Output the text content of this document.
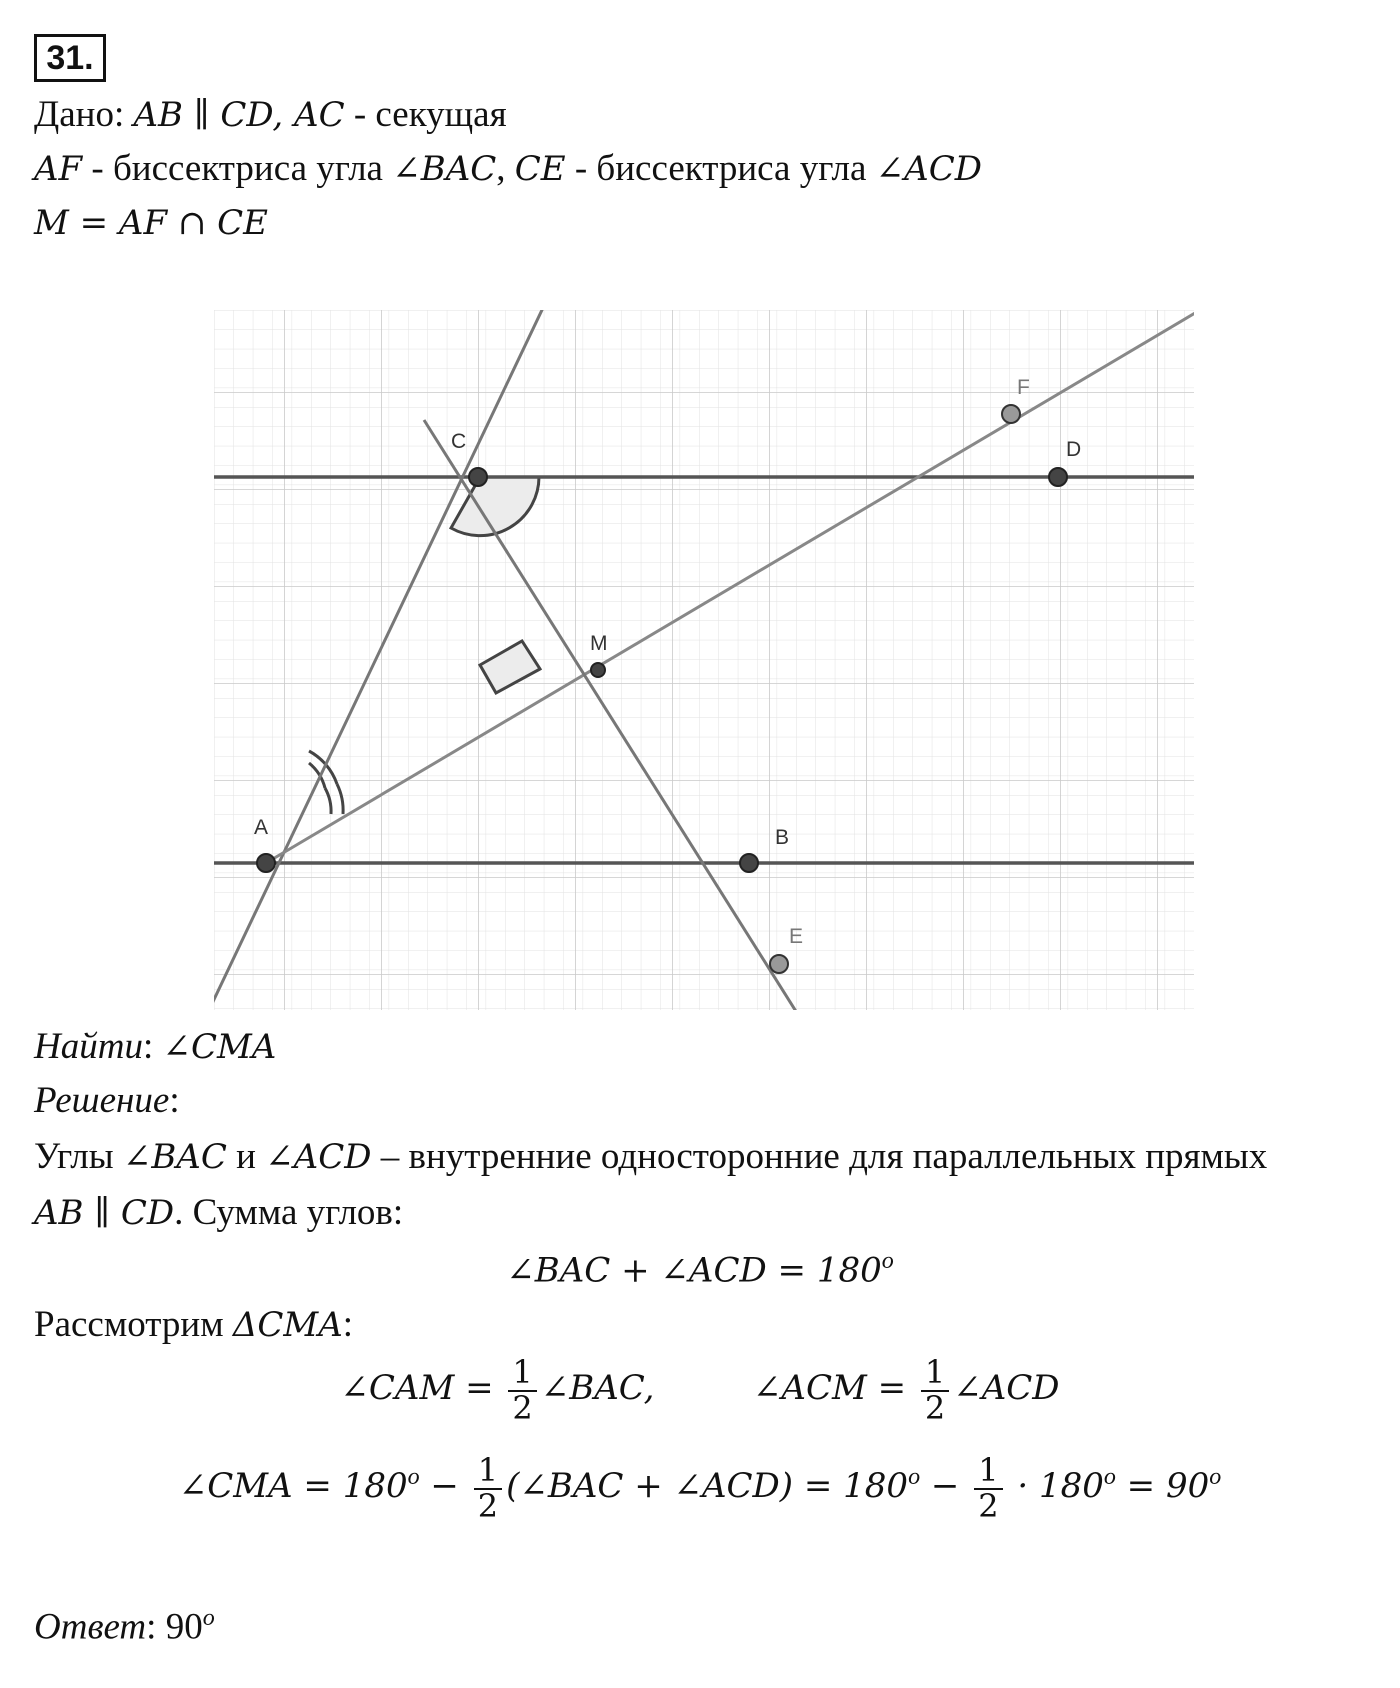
31.
Дано: AB ∥ CD, AC - секущая
AF - биссектриса угла ∠BAC, CE - биссектриса угла ∠ACD
M = AF ∩ CE
A	B
C	D
E
F
M
Найти: ∠CMA
Решение:
Углы ∠BAC и ∠ACD – внутренние односторонние для параллельных прямых
AB ∥ CD. Сумма углов:
∠BAC + ∠ACD = $180^o$
Рассмотрим ΔCMA:
∠CAM = $\frac{1}{2}$ ∠BAC,	∠ACM = $\frac{1}{2}$ ∠ACD
∠CMA = $180^o - \frac{1}{2}$ (∠BAC + ∠ACD) = $180^o - \frac{1}{2} \cdot 180^o = 90^o$
Ответ: 90$^o$
